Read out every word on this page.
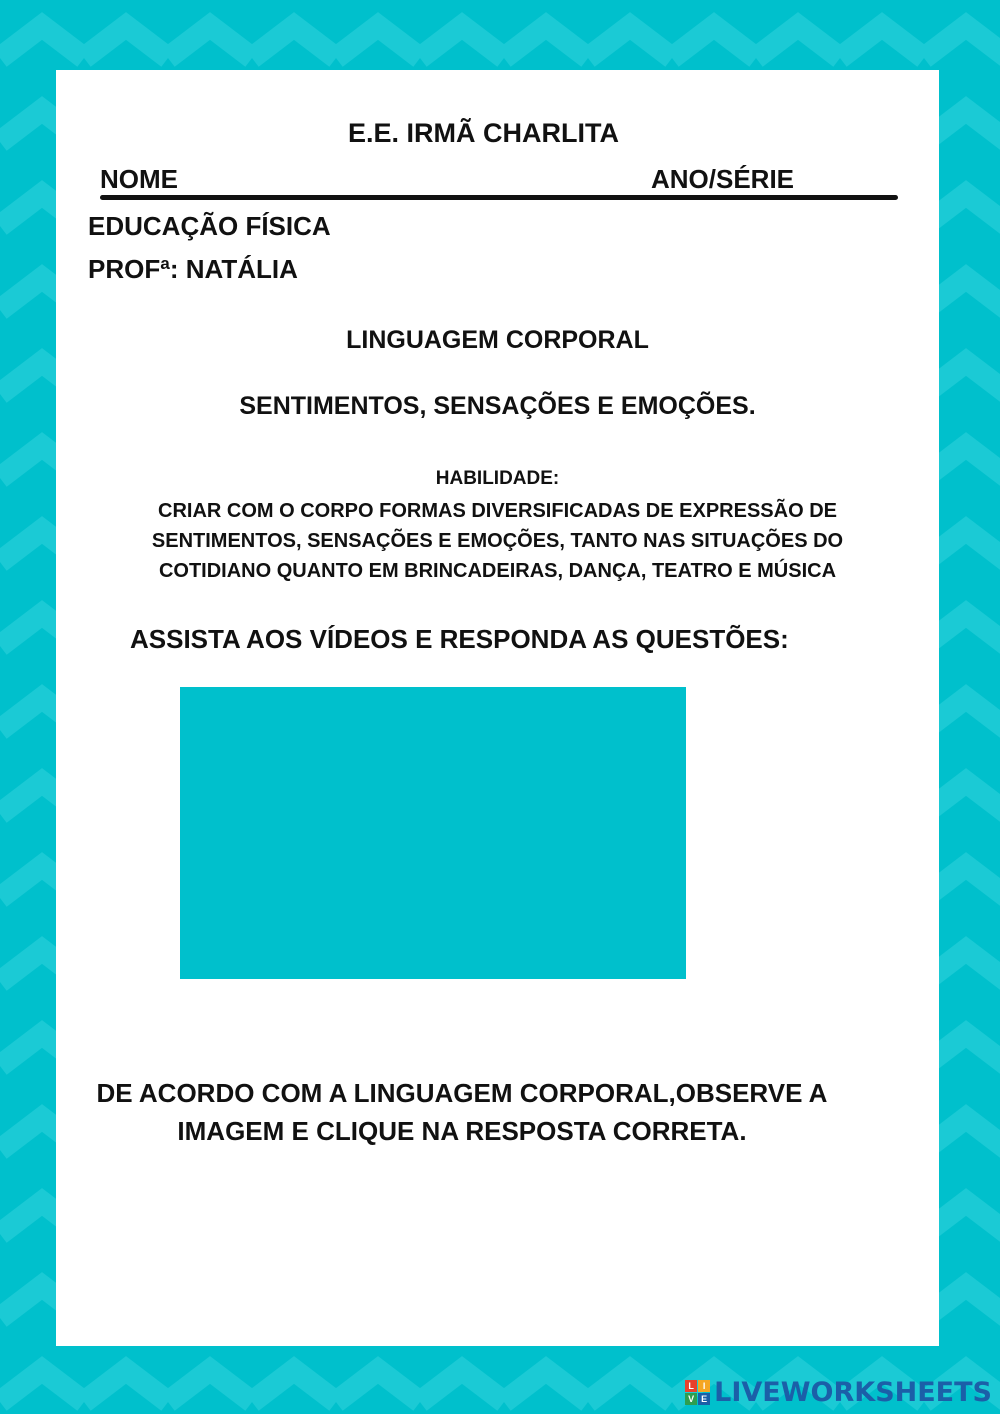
E.E. IRMÃ CHARLITA
NOME	ANO/SÉRIE
EDUCAÇÃO FÍSICA
PROFª: NATÁLIA
LINGUAGEM CORPORAL
SENTIMENTOS, SENSAÇÕES E EMOÇÕES.
HABILIDADE:
CRIAR COM O CORPO FORMAS DIVERSIFICADAS DE EXPRESSÃO DE SENTIMENTOS, SENSAÇÕES E EMOÇÕES, TANTO NAS SITUAÇÕES DO COTIDIANO QUANTO EM BRINCADEIRAS, DANÇA, TEATRO E MÚSICA
ASSISTA AOS VÍDEOS E RESPONDA AS QUESTÕES:
DE ACORDO COM A LINGUAGEM CORPORAL,OBSERVE A IMAGEM E CLIQUE NA RESPOSTA CORRETA.
L I
V E LIVEWORKSHEETS
